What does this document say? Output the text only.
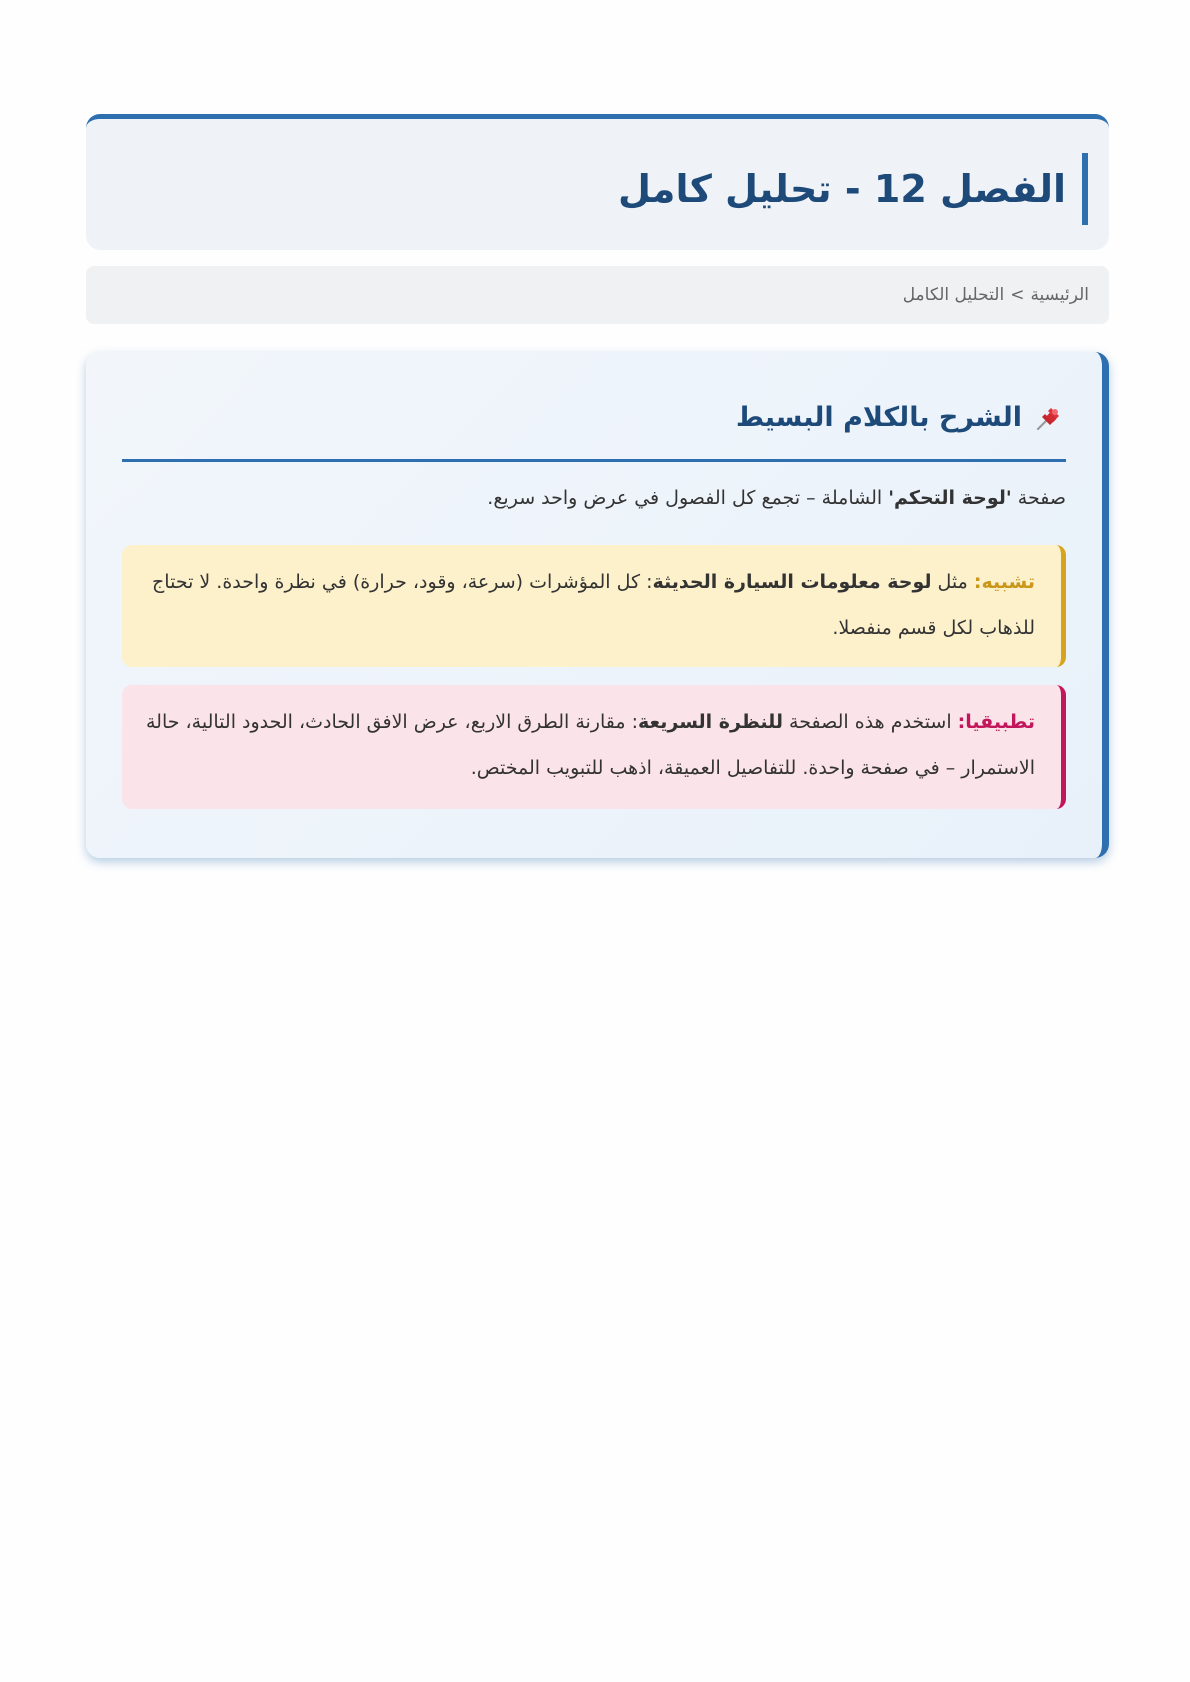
الفصل 12 - تحليل كامل
الرئيسية
>
التحليل الكامل
الشرح بالكلام البسيط

صفحة 'لوحة التحكم' الشاملة – تجمع كل الفصول في عرض واحد سريع.

تشبيه: مثل لوحة معلومات السيارة الحديثة: كل المؤشرات (سرعة، وقود، حرارة) في نظرة واحدة. لا تحتاج للذهاب لكل قسم منفصلا.
تطبيقيا: استخدم هذه الصفحة للنظرة السريعة: مقارنة الطرق الاربع، عرض الافق الحادث، الحدود التالية، حالة الاستمرار – في صفحة واحدة. للتفاصيل العميقة، اذهب للتبويب المختص.
